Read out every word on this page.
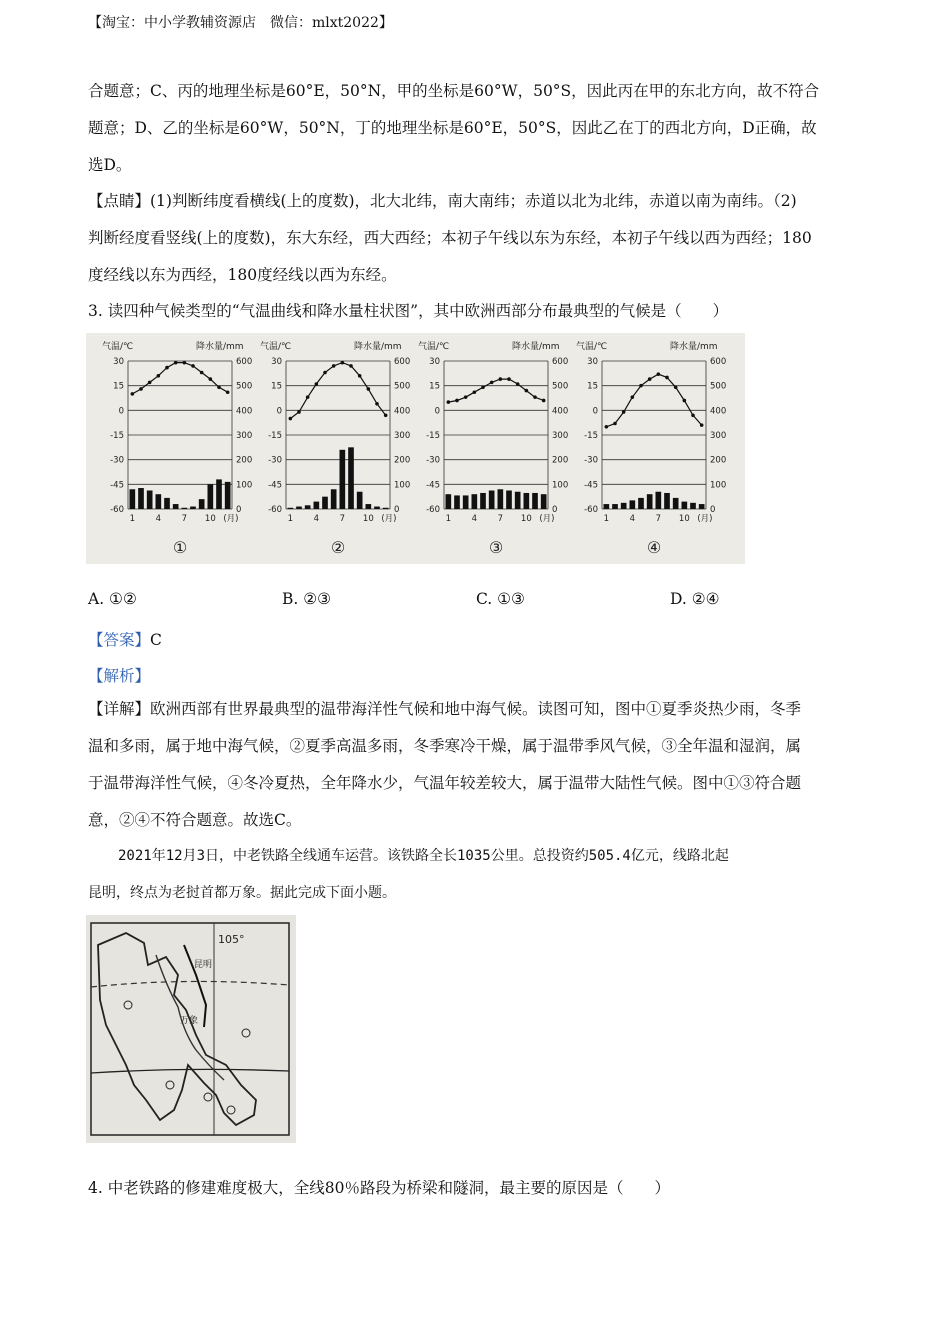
【淘宝：中小学教辅资源店　微信：mlxt2022】
合题意；C、丙的地理坐标是60°E，50°N，甲的坐标是60°W，50°S，因此丙在甲的东北方向，故不符合
题意；D、乙的坐标是60°W，50°N，丁的地理坐标是60°E，50°S，因此乙在丁的西北方向，D正确，故
选D。
【点睛】(1)判断纬度看横线(上的度数)，北大北纬，南大南纬；赤道以北为北纬，赤道以南为南纬。（2)
判断经度看竖线(上的度数)，东大东经，西大西经；本初子午线以东为东经，本初子午线以西为西经；180
度经线以东为西经，180度经线以西为东经。
3. 读四种气候类型的“气温曲线和降水量柱状图”，其中欧洲西部分布最典型的气候是（　　）
气温/℃	降水量/mm
30	600
15	500
0	400
-15	300
-30	200
-45	100
-60	0
1 4 7 10 (月)
①
气温/℃	降水量/mm
30	600
15	500
0	400
-15	300
-30	200
-45	100
-60	0
1 4 7 10 (月)
②
气温/℃	降水量/mm
30	600
15	500
0	400
-15	300
-30	200
-45	100
-60	0
1 4 7 10 (月)
③
气温/℃	降水量/mm
30	600
15	500
0	400
-15	300
-30	200
-45	100
-60	0
1 4 7 10 (月)
④
A. ①②	B. ②③	C. ①③	D. ②④
【答案】C
【解析】
【详解】欧洲西部有世界最典型的温带海洋性气候和地中海气候。读图可知，图中①夏季炎热少雨，冬季
温和多雨，属于地中海气候，②夏季高温多雨，冬季寒冷干燥，属于温带季风气候，③全年温和湿润，属
于温带海洋性气候，④冬冷夏热，全年降水少，气温年较差较大，属于温带大陆性气候。图中①③符合题
意，②④不符合题意。故选C。
2021年12月3日，中老铁路全线通车运营。该铁路全长1035公里。总投资约505.4亿元，线路北起
昆明，终点为老挝首都万象。据此完成下面小题。
105°
昆明
万象
4. 中老铁路的修建难度极大，全线80％路段为桥梁和隧洞，最主要的原因是（　　）
